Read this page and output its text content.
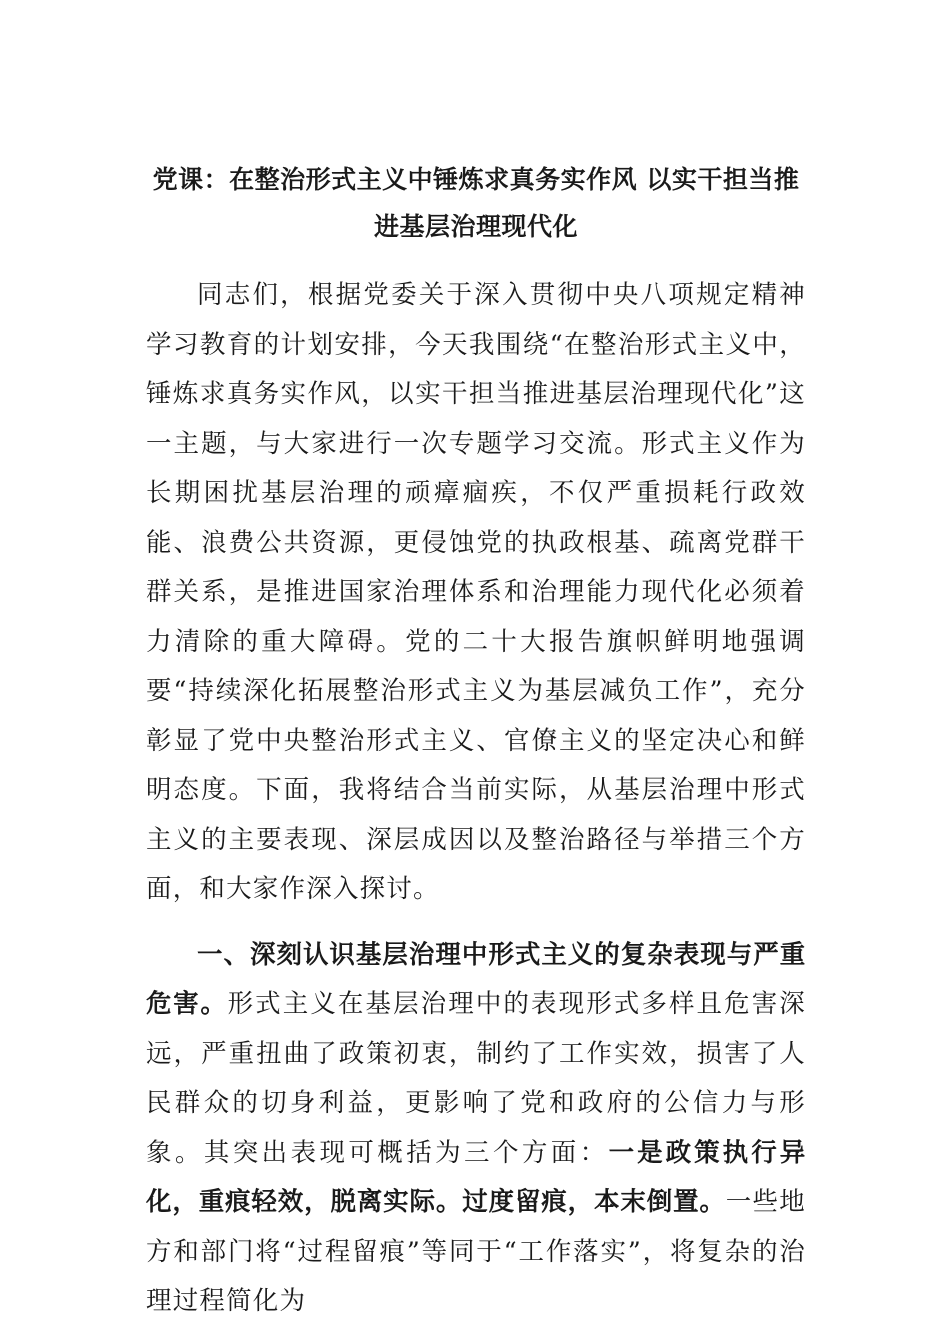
党课：在整治形式主义中锤炼求真务实作风 以实干担当推进基层治理现代化

同志们，根据党委关于深入贯彻中央八项规定精神学习教育的计划安排，今天我围绕“在整治形式主义中，锤炼求真务实作风，以实干担当推进基层治理现代化”这一主题，与大家进行一次专题学习交流。形式主义作为长期困扰基层治理的顽瘴痼疾，不仅严重损耗行政效能、浪费公共资源，更侵蚀党的执政根基、疏离党群干群关系，是推进国家治理体系和治理能力现代化必须着力清除的重大障碍。党的二十大报告旗帜鲜明地强调要“持续深化拓展整治形式主义为基层减负工作”，充分彰显了党中央整治形式主义、官僚主义的坚定决心和鲜明态度。下面，我将结合当前实际，从基层治理中形式主义的主要表现、深层成因以及整治路径与举措三个方面，和大家作深入探讨。

一、深刻认识基层治理中形式主义的复杂表现与严重危害。形式主义在基层治理中的表现形式多样且危害深远，严重扭曲了政策初衷，制约了工作实效，损害了人民群众的切身利益，更影响了党和政府的公信力与形象。其突出表现可概括为三个方面：一是政策执行异化，重痕轻效，脱离实际。过度留痕，本末倒置。一些地方和部门将“过程留痕”等同于“工作落实”，将复杂的治理过程简化为
